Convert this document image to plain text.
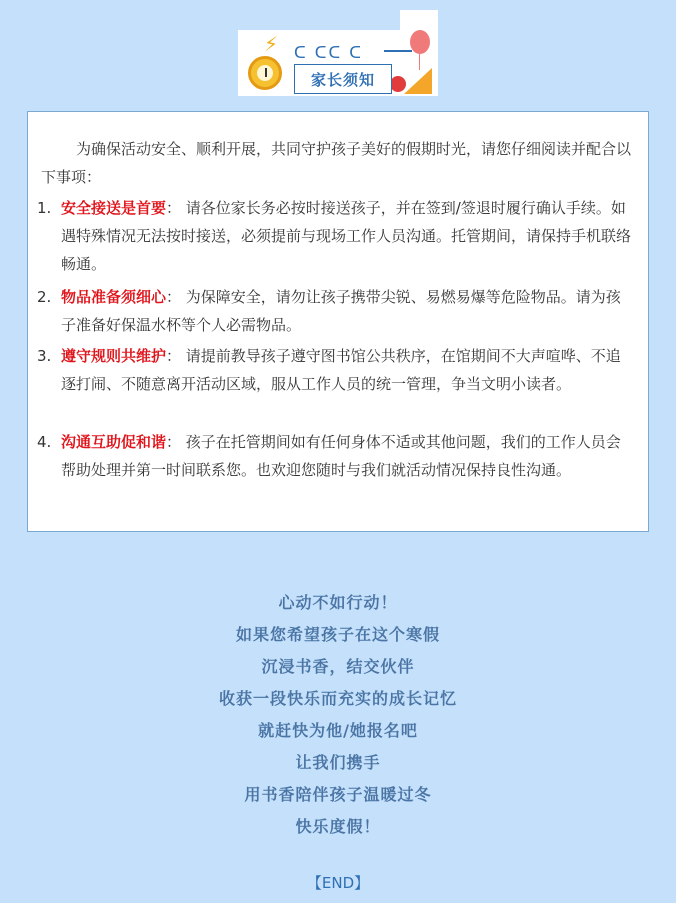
⚡ ᑕ ᑕᑕ ᑕ
家长须知

为确保活动安全、顺利开展，共同守护孩子美好的假期时光，请您仔细阅读并配合以下事项：

1. 安全接送是首要： 请各位家长务必按时接送孩子，并在签到/签退时履行确认手续。如遇特殊情况无法按时接送，必须提前与现场工作人员沟通。托管期间，请保持手机联络畅通。
2. 物品准备须细心： 为保障安全，请勿让孩子携带尖锐、易燃易爆等危险物品。请为孩子准备好保温水杯等个人必需物品。
3. 遵守规则共维护： 请提前教导孩子遵守图书馆公共秩序，在馆期间不大声喧哗、不追逐打闹、不随意离开活动区域，服从工作人员的统一管理，争当文明小读者。
4. 沟通互助促和谐： 孩子在托管期间如有任何身体不适或其他问题，我们的工作人员会帮助处理并第一时间联系您。也欢迎您随时与我们就活动情况保持良性沟通。
心动不如行动！
如果您希望孩子在这个寒假
沉浸书香，结交伙伴
收获一段快乐而充实的成长记忆
就赶快为他/她报名吧
让我们携手
用书香陪伴孩子温暖过冬
快乐度假！
【END】
